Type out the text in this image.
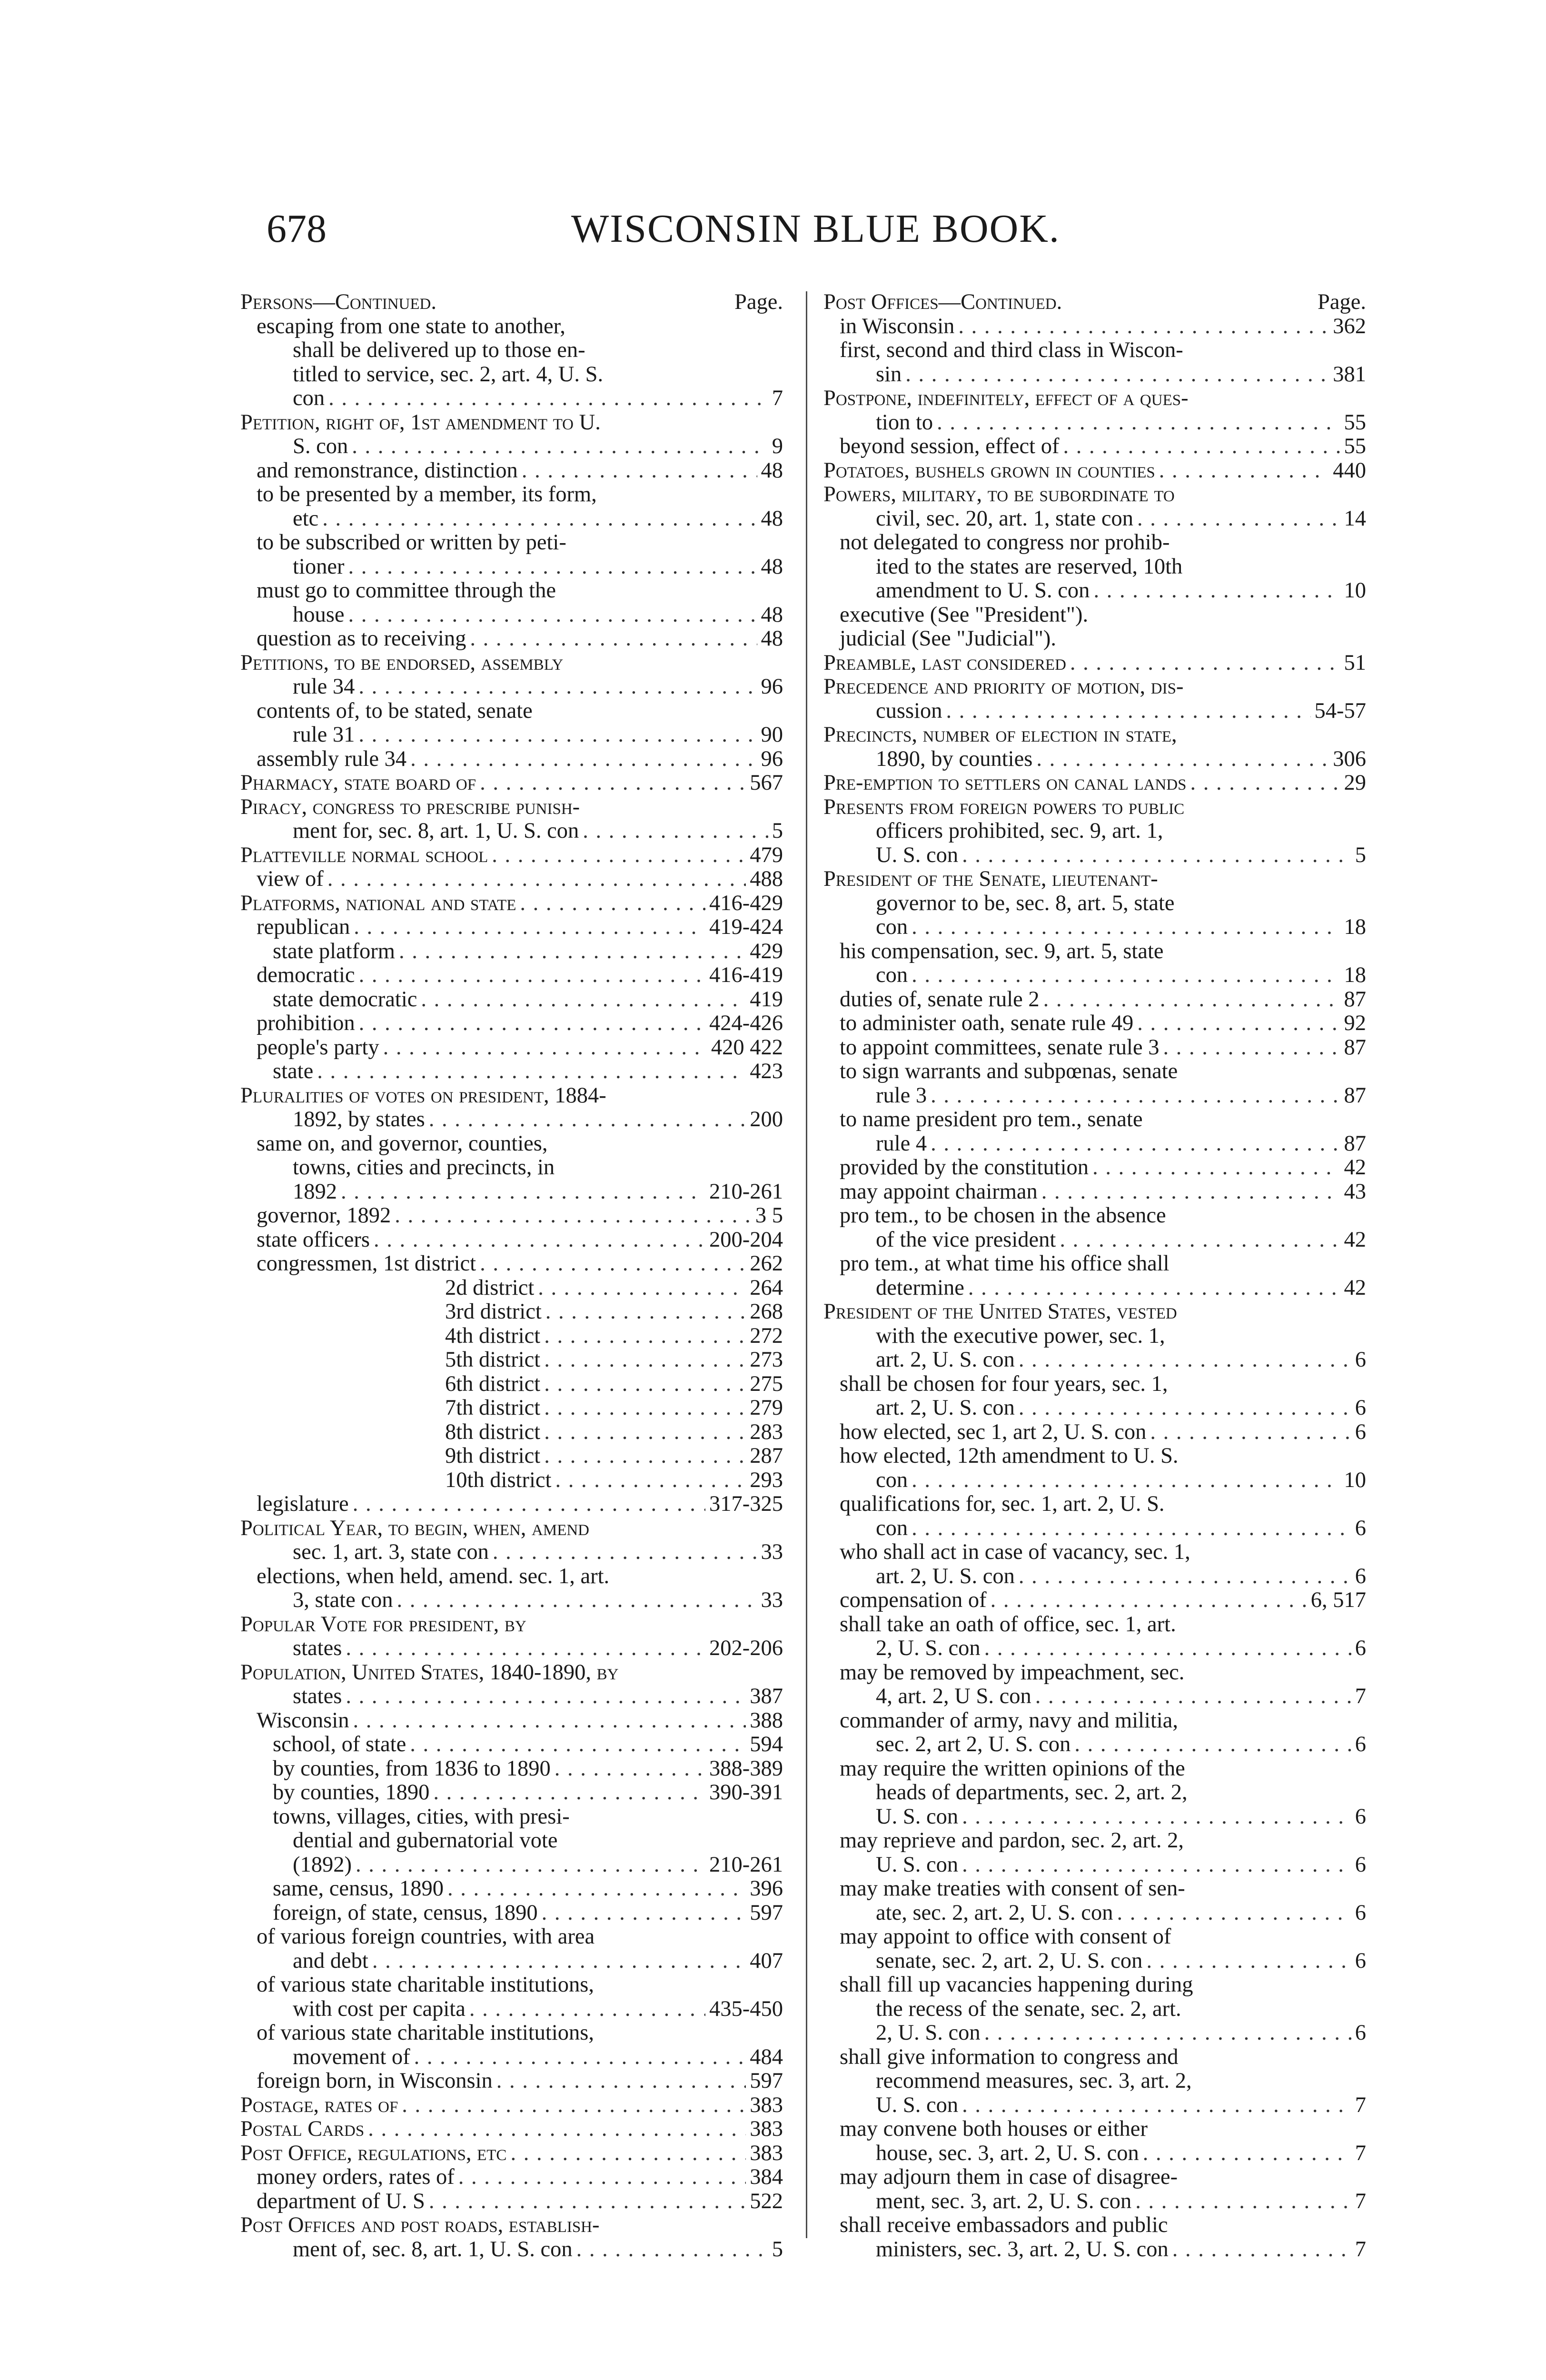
678	WISCONSIN BLUE BOOK.
Persons—Continued.	Page.
escaping from one state to another,
shall be delivered up to those en-
titled to service, sec. 2, art. 4, U. S.
con . . .	7
Petition, right of, 1st amendment to U.
S. con . . .	9
and remonstrance, distinction . . .	48
to be presented by a member, its form,
etc . . .	48
to be subscribed or written by peti-
tioner . . .	48
must go to committee through the
house . . .	48
question as to receiving . . .	48
Petitions, to be endorsed, assembly
rule 34 . . .	96
contents of, to be stated, senate
rule 31 . . .	90
assembly rule 34 . . .	96
Pharmacy, state board of . . .	567
Piracy, congress to prescribe punish-
ment for, sec. 8, art. 1, U. S. con . . .	5
Platteville normal school . . .	479
view of . . .	488
Platforms, national and state . . .	416-429
republican . . .	419-424
state platform . . .	429
democratic . . .	416-419
state democratic . . .	419
prohibition . . .	424-426
people's party . . .	420 422
state . . .	423
Pluralities of votes on president, 1884-
1892, by states . . .	200
same on, and governor, counties,
towns, cities and precincts, in
1892 . . .	210-261
governor, 1892 . . .	3 5
state officers . . .	200-204
congressmen, 1st district . . .	262
2d district . . .	264
3rd district . . .	268
4th district . . .	272
5th district . . .	273
6th district . . .	275
7th district . . .	279
8th district . . .	283
9th district . . .	287
10th district . . .	293
legislature . . .	317-325
Political Year, to begin, when, amend
sec. 1, art. 3, state con . . .	33
elections, when held, amend. sec. 1, art.
3, state con . . .	33
Popular Vote for president, by
states . . .	202-206
Population, United States, 1840-1890, by
states . . .	387
Wisconsin . . .	388
school, of state . . .	594
by counties, from 1836 to 1890 . . .	388-389
by counties, 1890 . . .	390-391
towns, villages, cities, with presi-
dential and gubernatorial vote
(1892) . . .	210-261
same, census, 1890 . . .	396
foreign, of state, census, 1890 . . .	597
of various foreign countries, with area
and debt . . .	407
of various state charitable institutions,
with cost per capita . . .	435-450
of various state charitable institutions,
movement of . . .	484
foreign born, in Wisconsin . . .	597
Postage, rates of . . .	383
Postal Cards . . .	383
Post Office, regulations, etc . . .	383
money orders, rates of . . .	384
department of U. S . . .	522
Post Offices and post roads, establish-
ment of, sec. 8, art. 1, U. S. con . . .	5
Post Offices—Continued.	Page.
in Wisconsin . . .	362
first, second and third class in Wiscon-
sin . . .	381
Postpone, indefinitely, effect of a ques-
tion to . . .	55
beyond session, effect of . . .	55
Potatoes, bushels grown in counties . . .	440
Powers, military, to be subordinate to
civil, sec. 20, art. 1, state con . . .	14
not delegated to congress nor prohib-
ited to the states are reserved, 10th
amendment to U. S. con . . .	10
executive (See "President").
judicial (See "Judicial").
Preamble, last considered . . .	51
Precedence and priority of motion, dis-
cussion . . .	54-57
Precincts, number of election in state,
1890, by counties . . .	306
Pre-emption to settlers on canal lands . . .	29
Presents from foreign powers to public
officers prohibited, sec. 9, art. 1,
U. S. con . . .	5
President of the Senate, lieutenant-
governor to be, sec. 8, art. 5, state
con . . .	18
his compensation, sec. 9, art. 5, state
con . . .	18
duties of, senate rule 2 . . .	87
to administer oath, senate rule 49 . . .	92
to appoint committees, senate rule 3 . . .	87
to sign warrants and subpœnas, senate
rule 3 . . .	87
to name president pro tem., senate
rule 4 . . .	87
provided by the constitution . . .	42
may appoint chairman . . .	43
pro tem., to be chosen in the absence
of the vice president . . .	42
pro tem., at what time his office shall
determine . . .	42
President of the United States, vested
with the executive power, sec. 1,
art. 2, U. S. con . . .	6
shall be chosen for four years, sec. 1,
art. 2, U. S. con . . .	6
how elected, sec 1, art 2, U. S. con . . .	6
how elected, 12th amendment to U. S.
con . . .	10
qualifications for, sec. 1, art. 2, U. S.
con . . .	6
who shall act in case of vacancy, sec. 1,
art. 2, U. S. con . . .	6
compensation of . . .	6, 517
shall take an oath of office, sec. 1, art.
2, U. S. con . . .	6
may be removed by impeachment, sec.
4, art. 2, U S. con . . .	7
commander of army, navy and militia,
sec. 2, art 2, U. S. con . . .	6
may require the written opinions of the
heads of departments, sec. 2, art. 2,
U. S. con . . .	6
may reprieve and pardon, sec. 2, art. 2,
U. S. con . . .	6
may make treaties with consent of sen-
ate, sec. 2, art. 2, U. S. con . . .	6
may appoint to office with consent of
senate, sec. 2, art. 2, U. S. con . . .	6
shall fill up vacancies happening during
the recess of the senate, sec. 2, art.
2, U. S. con . . .	6
shall give information to congress and
recommend measures, sec. 3, art. 2,
U. S. con . . .	7
may convene both houses or either
house, sec. 3, art. 2, U. S. con . . .	7
may adjourn them in case of disagree-
ment, sec. 3, art. 2, U. S. con . . .	7
shall receive embassadors and public
ministers, sec. 3, art. 2, U. S. con . . .	7
